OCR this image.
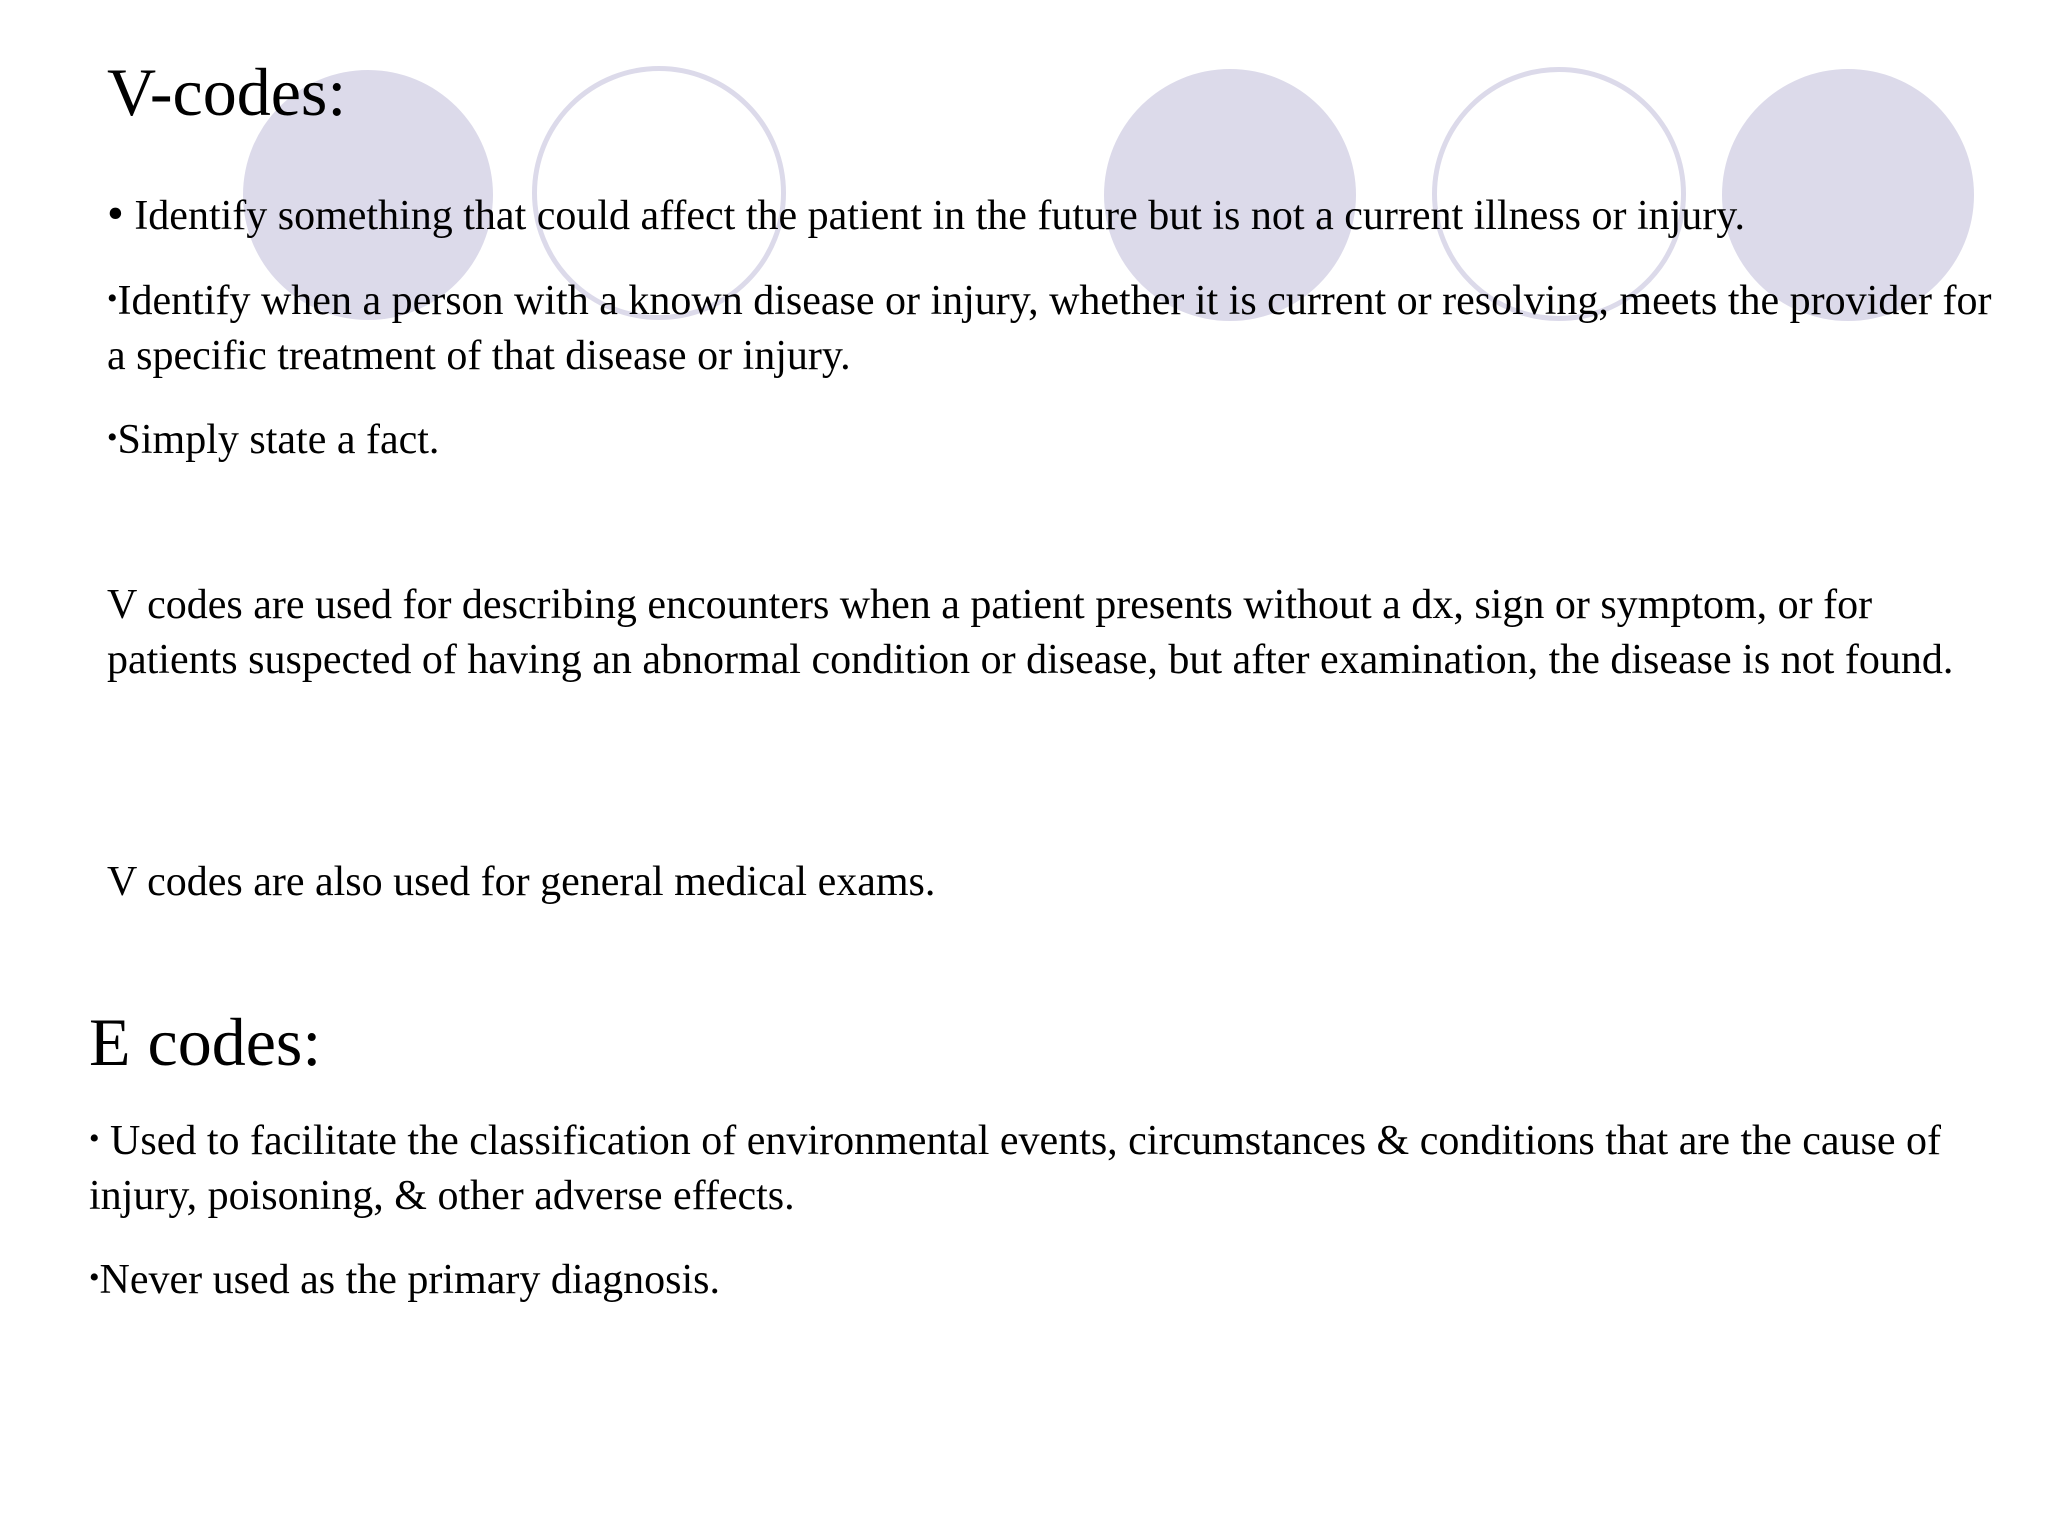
V-codes:
• Identify something that could affect the patient in the future but is not a current illness or injury.
•Identify when a person with a known disease or injury, whether it is current or resolving, meets the provider for a specific treatment of that disease or injury.
•Simply state a fact.
V codes are used for describing encounters when a patient presents without a dx, sign or symptom, or for patients suspected of having an abnormal condition or disease, but after examination, the disease is not found.
V codes are also used for general medical exams.
E codes:
• Used to facilitate the classification of environmental events, circumstances & conditions that are the cause of injury, poisoning, & other adverse effects.
•Never used as the primary diagnosis.
